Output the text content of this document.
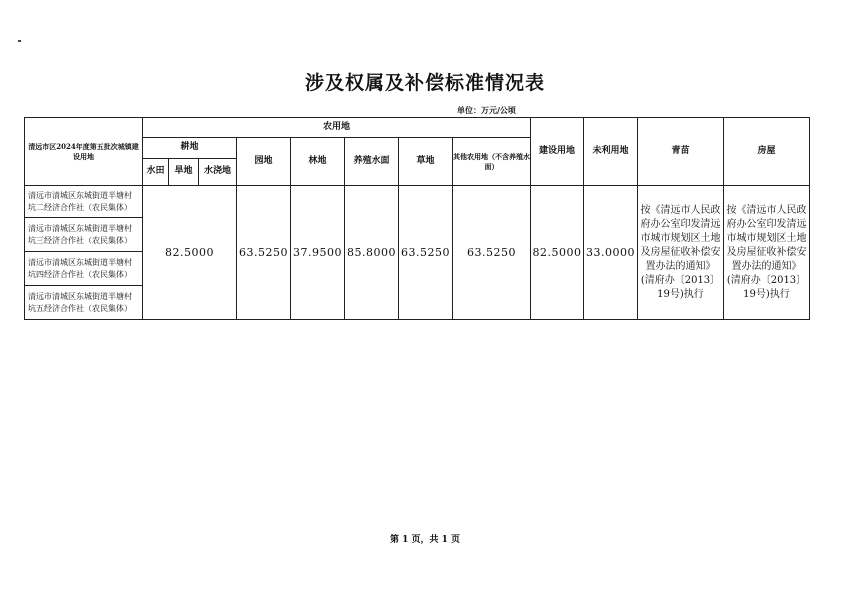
涉及权属及补偿标准情况表
单位：万元/公顷
清远市区2024年度第五批次城镇建设用地	农用地								建设用地	未利用地	青苗	房屋
	耕地			园地	林地	养殖水面	草地	其他农用地（不含养殖水面）				
	水田	旱地	水浇地									
清远市清城区东城街道半塘村坑二经济合作社（农民集体）	82.5000			63.5250	37.9500	85.8000	63.5250	63.5250	82.5000	33.0000	按《清远市人民政府办公室印发清远市城市规划区土地及房屋征收补偿安置办法的通知》(清府办〔2013〕19号)执行	按《清远市人民政府办公室印发清远市城市规划区土地及房屋征收补偿安置办法的通知》(清府办〔2013〕19号)执行
清远市清城区东城街道半塘村坑三经济合作社（农民集体）												
清远市清城区东城街道半塘村坑四经济合作社（农民集体）												
清远市清城区东城街道半塘村坑五经济合作社（农民集体）												
第 1 页，共 1 页
